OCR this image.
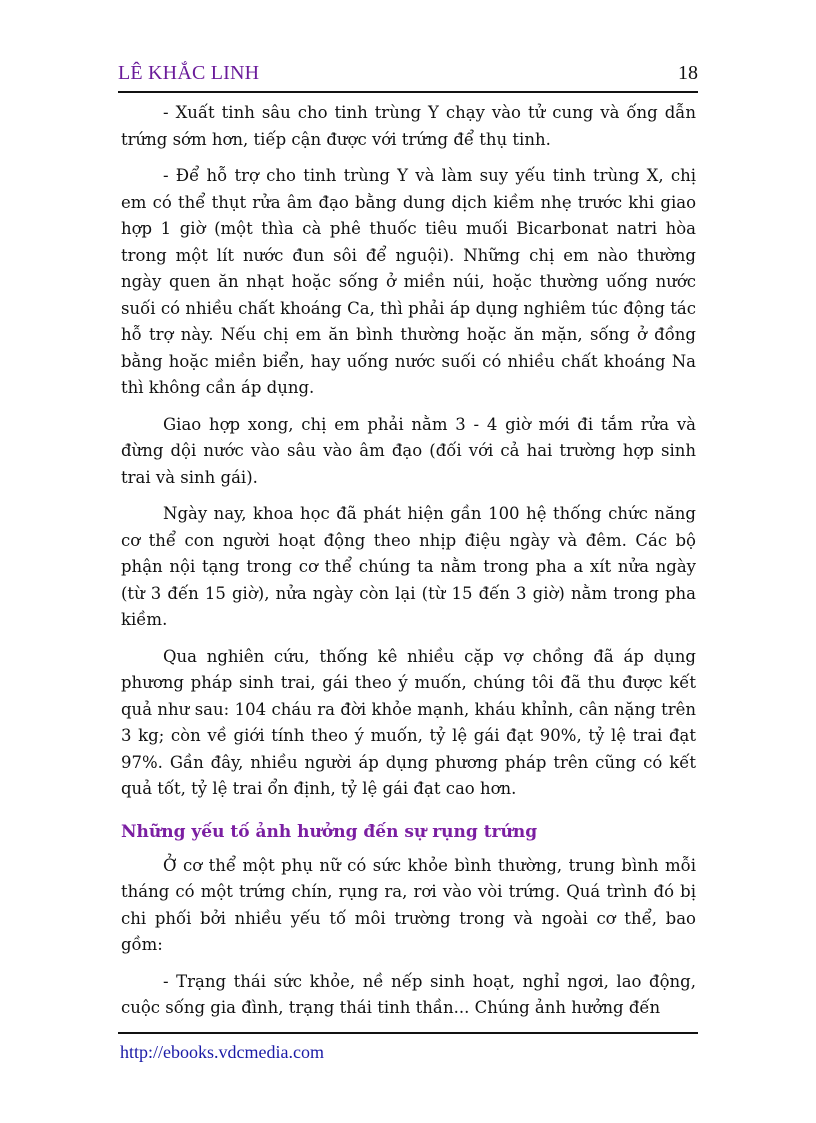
LÊ KHẮC LINH	18

- Xuất tinh sâu cho tinh trùng Y chạy vào tử cung và ống dẫn trứng sớm hơn, tiếp cận được với trứng để thụ tinh.

- Để hỗ trợ cho tinh trùng Y và làm suy yếu tinh trùng X, chị em có thể thụt rửa âm đạo bằng dung dịch kiềm nhẹ trước khi giao hợp 1 giờ (một thìa cà phê thuốc tiêu muối Bicarbonat natri hòa trong một lít nước đun sôi để nguội). Những chị em nào thường ngày quen ăn nhạt hoặc sống ở miền núi, hoặc thường uống nước suối có nhiều chất khoáng Ca, thì phải áp dụng nghiêm túc động tác hỗ trợ này. Nếu chị em ăn bình thường hoặc ăn mặn, sống ở đồng bằng hoặc miền biển, hay uống nước suối có nhiều chất khoáng Na thì không cần áp dụng.

Giao hợp xong, chị em phải nằm 3 - 4 giờ mới đi tắm rửa và đừng dội nước vào sâu vào âm đạo (đối với cả hai trường hợp sinh trai và sinh gái).

Ngày nay, khoa học đã phát hiện gần 100 hệ thống chức năng cơ thể con người hoạt động theo nhịp điệu ngày và đêm. Các bộ phận nội tạng trong cơ thể chúng ta nằm trong pha a xít nửa ngày (từ 3 đến 15 giờ), nửa ngày còn lại (từ 15 đến 3 giờ) nằm trong pha kiềm.

Qua nghiên cứu, thống kê nhiều cặp vợ chồng đã áp dụng phương pháp sinh trai, gái theo ý muốn, chúng tôi đã thu được kết quả như sau: 104 cháu ra đời khỏe mạnh, kháu khỉnh, cân nặng trên 3 kg; còn về giới tính theo ý muốn, tỷ lệ gái đạt 90%, tỷ lệ trai đạt 97%. Gần đây, nhiều người áp dụng phương pháp trên cũng có kết quả tốt, tỷ lệ trai ổn định, tỷ lệ gái đạt cao hơn.

Những yếu tố ảnh hưởng đến sự rụng trứng

Ở cơ thể một phụ nữ có sức khỏe bình thường, trung bình mỗi tháng có một trứng chín, rụng ra, rơi vào vòi trứng. Quá trình đó bị chi phối bởi nhiều yếu tố môi trường trong và ngoài cơ thể, bao gồm:

- Trạng thái sức khỏe, nề nếp sinh hoạt, nghỉ ngơi, lao động, cuộc sống gia đình, trạng thái tinh thần... Chúng ảnh hưởng đến

http://ebooks.vdcmedia.com
